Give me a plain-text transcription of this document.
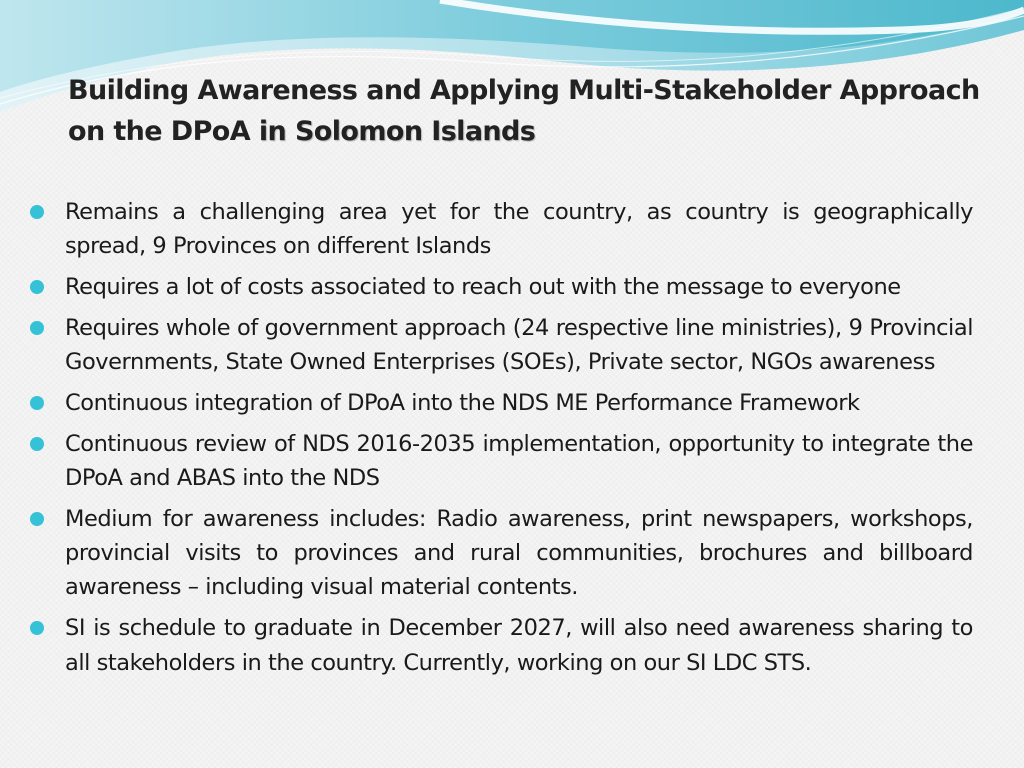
Building Awareness and Applying Multi-Stakeholder Approach on the DPoA in Solomon Islands
Remains a challenging area yet for the country, as country is geographically spread, 9 Provinces on different Islands
Requires a lot of costs associated to reach out with the message to everyone
Requires whole of government approach (24 respective line ministries), 9 Provincial Governments, State Owned Enterprises (SOEs), Private sector, NGOs awareness
Continuous integration of DPoA into the NDS ME Performance Framework
Continuous review of NDS 2016-2035 implementation, opportunity to integrate the DPoA and ABAS into the NDS
Medium for awareness includes: Radio awareness, print newspapers, workshops, provincial visits to provinces and rural communities, brochures and billboard awareness – including visual material contents.
SI is schedule to graduate in December 2027, will also need awareness sharing to all stakeholders in the country. Currently, working on our SI LDC STS.
